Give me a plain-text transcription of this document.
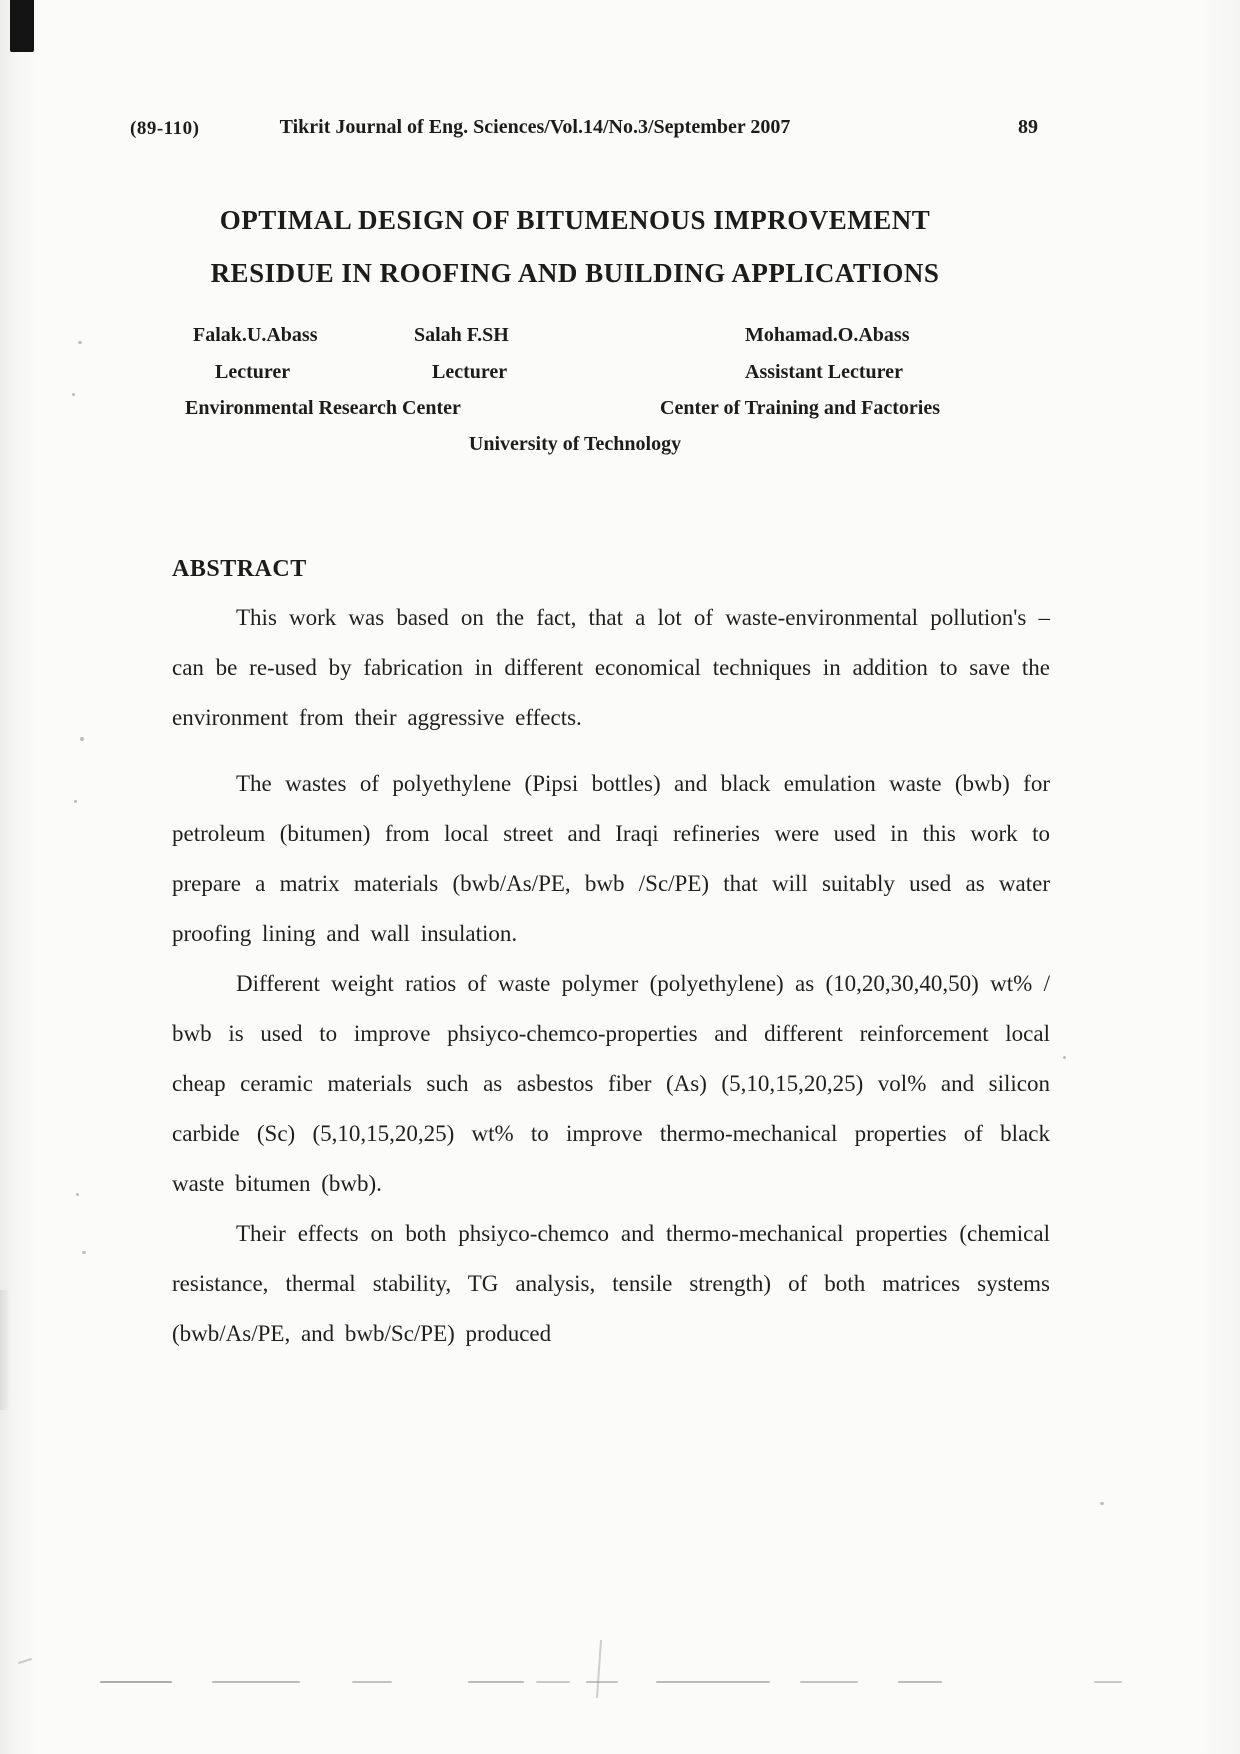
(89-110)	Tikrit Journal of Eng. Sciences/Vol.14/No.3/September 2007	89
OPTIMAL DESIGN OF BITUMENOUS IMPROVEMENT
RESIDUE IN ROOFING AND BUILDING APPLICATIONS
Falak.U.Abass	Salah F.SH	Mohamad.O.Abass
Lecturer	Lecturer	Assistant Lecturer
Environmental Research Center	Center of Training and Factories
University of Technology
ABSTRACT

This work was based on the fact, that a lot of waste-environmental pollution's –can be re-used by fabrication in different economical techniques in addition to save the environment from their aggressive effects.

The wastes of polyethylene (Pipsi bottles) and black emulation waste (bwb) for petroleum (bitumen) from local street and Iraqi refineries were used in this work to prepare a matrix materials (bwb/As/PE, bwb /Sc/PE) that will suitably used as water proofing lining and wall insulation.

Different weight ratios of waste polymer (polyethylene) as (10,20,30,40,50) wt% / bwb is used to improve phsiyco-chemco-properties and different reinforcement local cheap ceramic materials such as asbestos fiber (As) (5,10,15,20,25) vol% and silicon carbide (Sc) (5,10,15,20,25) wt% to improve thermo-mechanical properties of black waste bitumen (bwb).

Their effects on both phsiyco-chemco and thermo-mechanical properties (chemical resistance, thermal stability, TG analysis, tensile strength) of both matrices systems (bwb/As/PE, and bwb/Sc/PE) produced
